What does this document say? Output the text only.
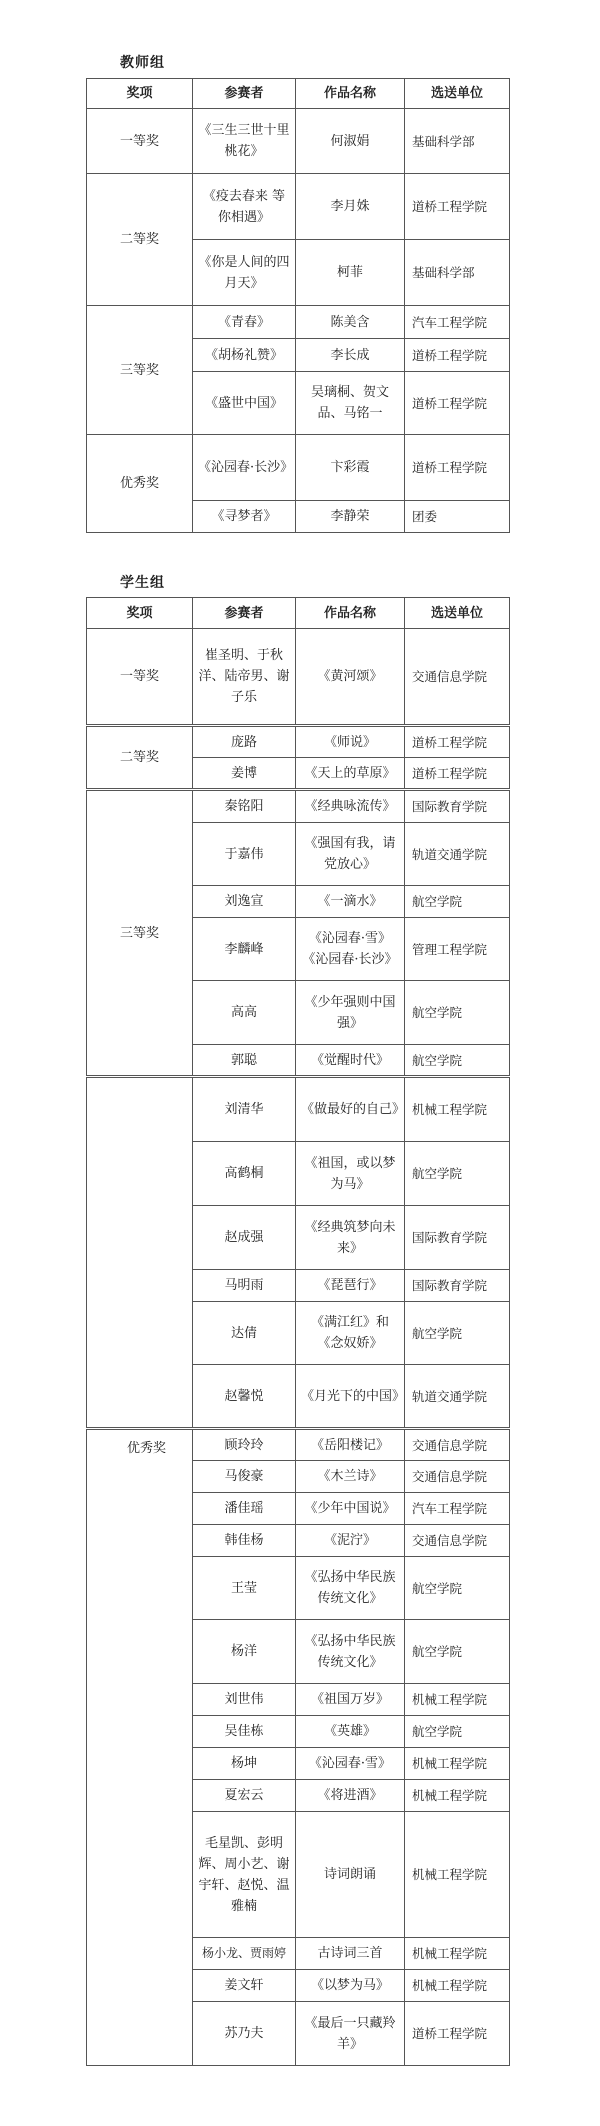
教师组
奖项	参赛者	作品名称	选送单位
一等奖	《三生三世十里桃花》	何淑娟	基础科学部
二等奖	《疫去春来 等你相遇》	李月姝	道桥工程学院
	《你是人间的四月天》	柯菲	基础科学部
三等奖	《青春》	陈美含	汽车工程学院
	《胡杨礼赞》	李长成	道桥工程学院
	《盛世中国》	吴璃桐、贺文品、马铭一	道桥工程学院
优秀奖	《沁园春·长沙》	卞彩霞	道桥工程学院
	《寻梦者》	李静荣	团委
学生组
奖项	参赛者	作品名称	选送单位
一等奖	崔圣明、于秋洋、陆帝男、谢子乐	《黄河颂》	交通信息学院
二等奖	庞路	《师说》	道桥工程学院
	姜博	《天上的草原》	道桥工程学院
三等奖	秦铭阳	《经典咏流传》	国际教育学院
	于嘉伟	《强国有我，请党放心》	轨道交通学院
	刘逸宣	《一滴水》	航空学院
	李麟峰	《沁园春·雪》《沁园春·长沙》	管理工程学院
	高高	《少年强则中国强》	航空学院
	郭聪	《觉醒时代》	航空学院
	刘清华	《做最好的自己》	机械工程学院
	高鹤桐	《祖国，或以梦为马》	航空学院
	赵成强	《经典筑梦向未来》	国际教育学院
	马明雨	《琵琶行》	国际教育学院
	达倩	《满江红》和《念奴娇》	航空学院
	赵馨悦	《月光下的中国》	轨道交通学院
优秀奖	顾玲玲	《岳阳楼记》	交通信息学院
	马俊豪	《木兰诗》	交通信息学院
	潘佳瑶	《少年中国说》	汽车工程学院
	韩佳杨	《泥泞》	交通信息学院
	王莹	《弘扬中华民族传统文化》	航空学院
	杨洋	《弘扬中华民族传统文化》	航空学院
	刘世伟	《祖国万岁》	机械工程学院
	吴佳栋	《英雄》	航空学院
	杨坤	《沁园春·雪》	机械工程学院
	夏宏云	《将进酒》	机械工程学院
	毛星凯、彭明辉、周小艺、谢宇轩、赵悦、温雅楠	诗词朗诵	机械工程学院
	杨小龙、贾雨婷	古诗词三首	机械工程学院
	姜文轩	《以梦为马》	机械工程学院
	苏乃夫	《最后一只藏羚羊》	道桥工程学院
